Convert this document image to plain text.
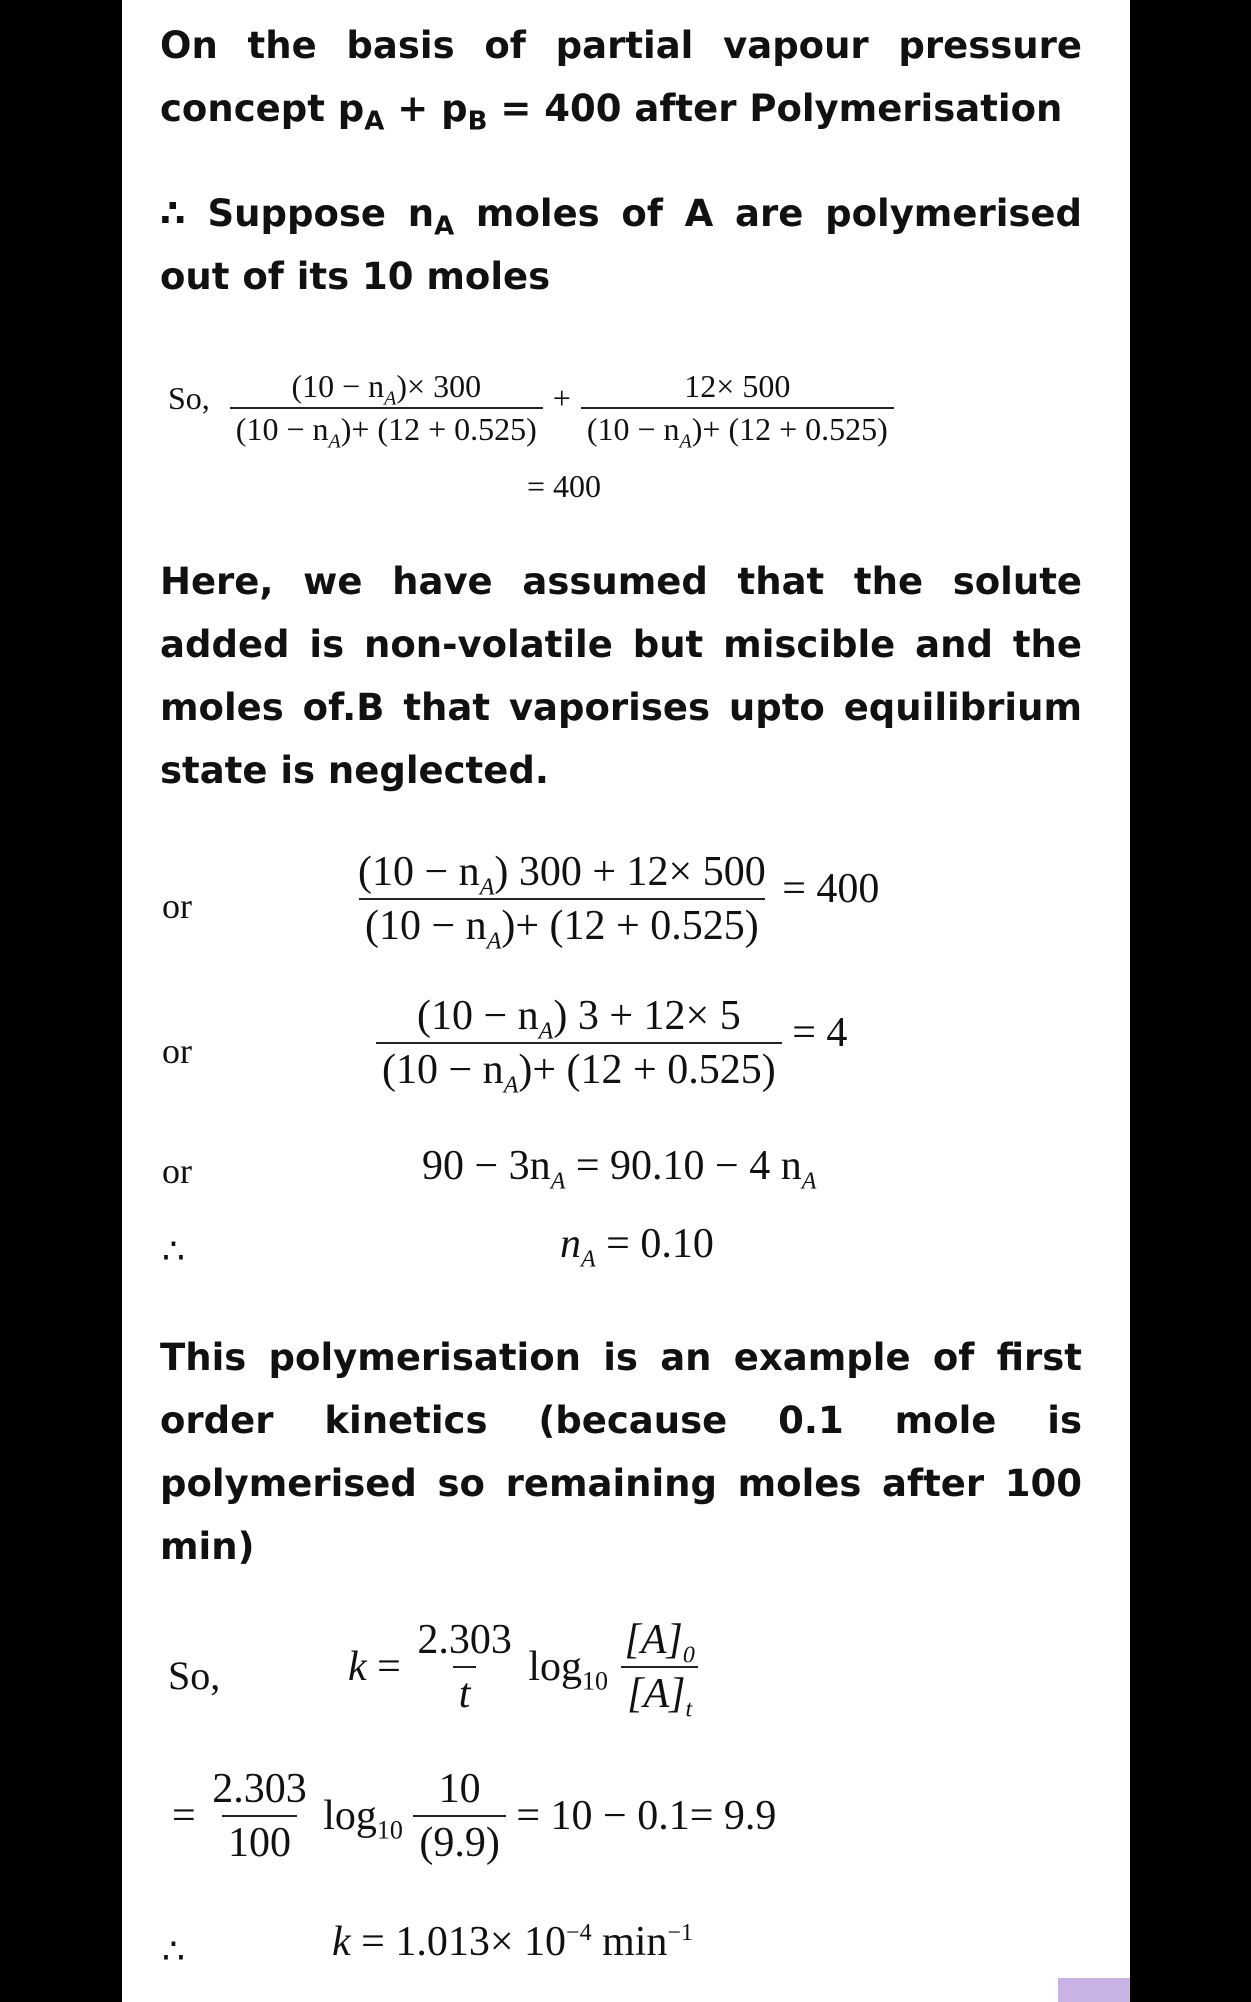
On the basis of partial vapour pressure
concept $p_A + p_B = 400$ after Polymerisation
∴ Suppose $n_A$ moles of A are polymerised out of its 10 moles
So, $\frac{(10 - n_A)\times 300}{(10 - n_A)+ (12 + 0.525)} + \frac{12\times 500}{(10 - n_A)+ (12 + 0.525)}$
= 400
Here, we have assumed that the solute added is non-volatile but miscible and the moles of.B that vaporises upto equilibrium state is neglected.
or	$\frac{(10 - n_A) 300 + 12\times 500}{(10 - n_A)+ (12 + 0.525)} = 400$
or	$\frac{(10 - n_A) 3 + 12\times 5}{(10 - n_A)+ (12 + 0.525)} = 4$
or	$90 - 3n_A = 90.10 - 4$ $n_A$
∴	$n_A = 0.10$
This polymerisation is an example of first order kinetics (because 0.1 mole is polymerised so remaining moles after 100 min)
So,	$k = \frac{2.303}{t} \log_{10} \frac{[A]_0}{[A]_t}$
= $\frac{2.303}{100} \log_{10} \frac{10}{(9.9)} = 10 - 0.1= 9.9$
∴	$k = 1.013\times 10^{-4}$ $\min^{-1}$
